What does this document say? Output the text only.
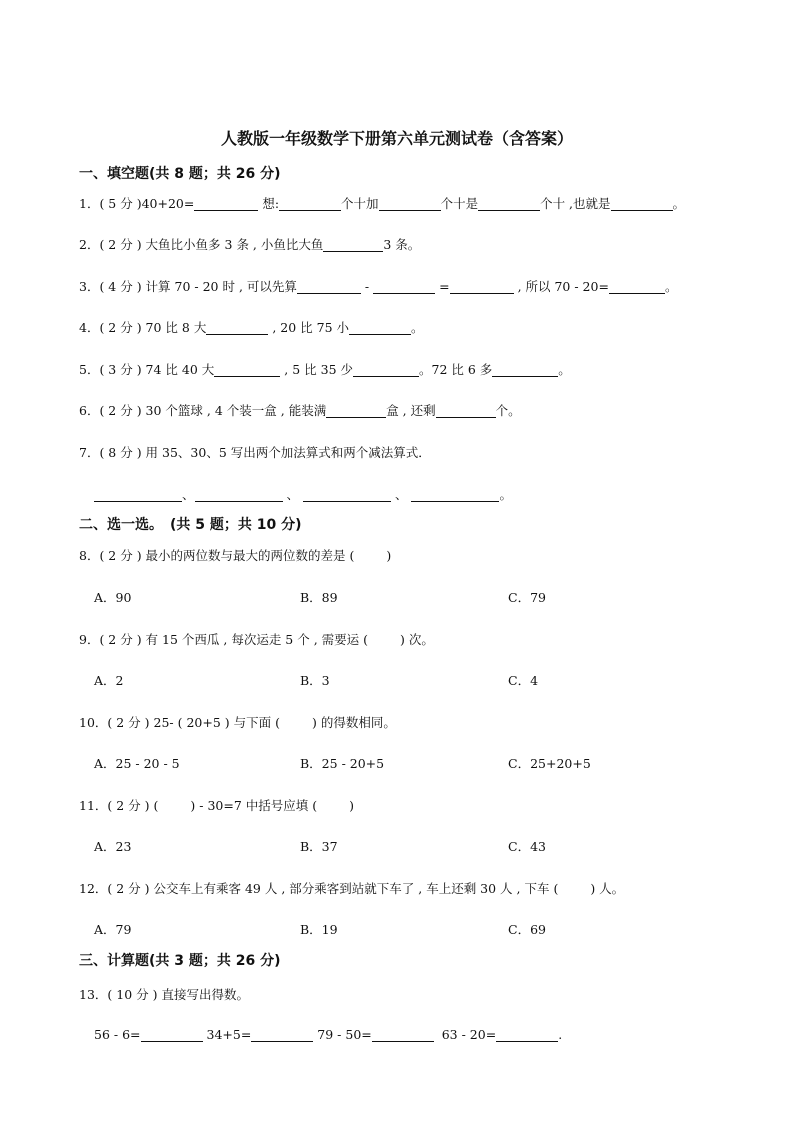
人教版一年级数学下册第六单元测试卷（含答案）
一、填空题(共 8 题；共 26 分)
1．( 5 分 )40+20=	想:	个十加	个十是	个十 ,也就是	。
2．( 2 分 ) 大鱼比小鱼多 3 条 , 小鱼比大鱼	3 条。
3．( 4 分 ) 计算 70 - 20 时 , 可以先算	-	=	, 所以 70 - 20=	。
4．( 2 分 ) 70 比 8 大	, 20 比 75 小	。
5．( 3 分 ) 74 比 40 大	, 5 比 35 少	。72 比 6 多	。
6．( 2 分 ) 30 个篮球 , 4 个装一盒 , 能装满	盒 , 还剩	个。
7．( 8 分 ) 用 35、30、5 写出两个加法算式和两个减法算式．
、	、	、	。
二、选一选。　(共 5 题；共 10 分)
8．( 2 分 ) 最小的两位数与最大的两位数的差是 (	)
A．90	B．89	C．79
9．( 2 分 ) 有 15 个西瓜 , 每次运走 5 个 , 需要运 (	) 次。
A．2	B．3	C．4
10．( 2 分 ) 25- ( 20+5 ) 与下面 (	) 的得数相同。
A．25 - 20 - 5	B．25 - 20+5	C．25+20+5
11．( 2 分 ) (	) - 30=7 中括号应填 (	)
A．23	B．37	C．43
12．( 2 分 ) 公交车上有乘客 49 人 , 部分乘客到站就下车了 , 车上还剩 30 人 , 下车 (	) 人。
A．79	B．19	C．69
三、计算题(共 3 题；共 26 分)
13．( 10 分 ) 直接写出得数。
56 - 6=	34+5=	79 - 50=	63 - 20=	.
